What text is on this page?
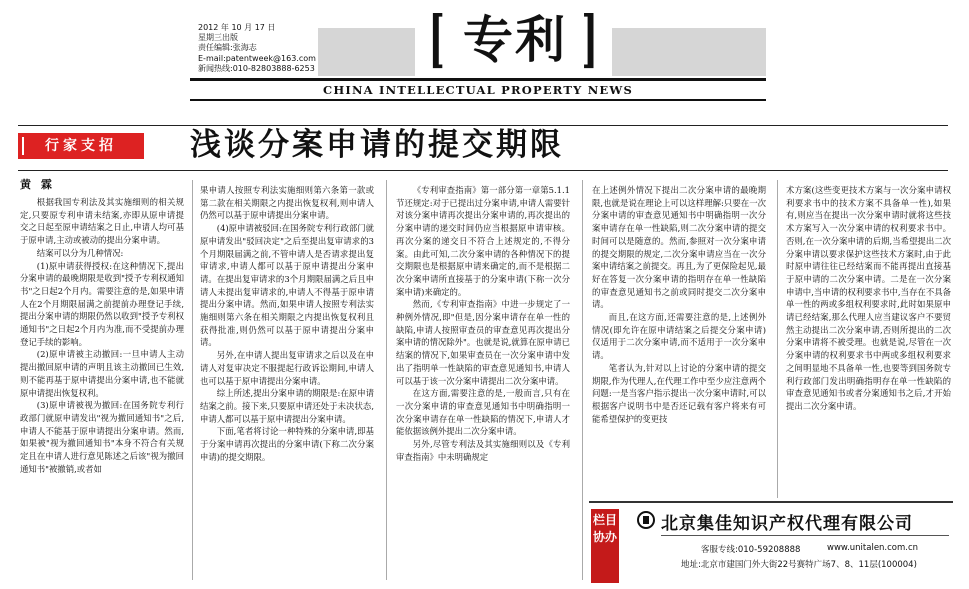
2012 年 10 月 17 日
星期三出版
责任编辑:张海志
E-mail:patentweek@163.com
新闻热线:010-82803888-6253 [ 专利 ]
CHINA INTELLECTUAL PROPERTY NEWS
行家支招	浅谈分案申请的提交期限
黄 霖

根据我国专利法及其实施细则的相关规定,只要原专利申请未结案,亦即从原申请提交之日起至原申请结案之日止,申请人均可基于原申请,主动或被动的提出分案申请。

结案可以分为几种情况:

(1)原申请获得授权:在这种情况下,提出分案申请的最晚期限是收到"授予专利权通知书"之日起2个月内。需要注意的是,如果申请人在2个月期限届满之前提前办理登记手续,提出分案申请的期限仍然以收到"授予专利权通知书"之日起2个月内为准,而不受提前办理登记手续的影响。

(2)原申请被主动撤回:一旦申请人主动提出撤回原申请的声明且该主动撤回已生效,则不能再基于原申请提出分案申请,也不能就原申请提出恢复权利。

(3)原申请被视为撤回:在国务院专利行政部门就原申请发出"视为撤回通知书"之后,申请人不能基于原申请提出分案申请。然而,如果被"视为撤回通知书"本身不符合有关规定且在申请人进行意见陈述之后该"视为撤回通知书"被撤销,或者如

果申请人按照专利法实施细则第六条第一款或第二款在相关期限之内提出恢复权利,则申请人仍然可以基于原申请提出分案申请。

(4)原申请被驳回:在国务院专利行政部门就原申请发出"驳回决定"之后至提出复审请求的3个月期限届满之前,不管申请人是否请求提出复审请求,申请人都可以基于原申请提出分案申请。在提出复审请求的3个月期限届满之后且申请人未提出复审请求的,申请人不得基于原申请提出分案申请。然而,如果申请人按照专利法实施细则第六条在相关期限之内提出恢复权利且获得批准,则仍然可以基于原申请提出分案申请。

另外,在申请人提出复审请求之后以及在申请人对复审决定不服提起行政诉讼期间,申请人也可以基于原申请提出分案申请。

综上所述,提出分案申请的期限是:在原申请结案之前。接下来,只要原申请还处于未决状态,申请人都可以基于原申请提出分案申请。

下面,笔者将讨论一种特殊的分案申请,即基于分案申请再次提出的分案申请(下称二次分案申请)的提交期限。

《专利审查指南》第一部分第一章第5.1.1节还规定:对于已提出过分案申请,申请人需要针对该分案申请再次提出分案申请的,再次提出的分案申请的递交时间仍应当根据原申请审核。再次分案的递交日不符合上述规定的,不得分案。由此可知,二次分案申请的各种情况下的提交期限也是根据原申请来确定的,而不是根据二次分案申请所直接基于的分案申请(下称一次分案申请)来确定的。

然而,《专利审查指南》中进一步规定了一种例外情况,即"但是,因分案申请存在单一性的缺陷,申请人按照审查员的审查意见再次提出分案申请的情况除外"。也就是说,就算在原申请已结案的情况下,如果审查员在一次分案申请中发出了指明单一性缺陷的审查意见通知书,申请人可以基于该一次分案申请提出二次分案申请。

在这方面,需要注意的是,一般而言,只有在一次分案申请的审查意见通知书中明确指明一次分案申请存在单一性缺陷的情况下,申请人才能依据该例外提出二次分案申请。

另外,尽管专利法及其实施细则以及《专利审查指南》中未明确规定

在上述例外情况下提出二次分案申请的最晚期限,也就是说在理论上可以这样理解:只要在一次分案申请的审查意见通知书中明确指明一次分案申请存在单一性缺陷,则二次分案申请的提交时间可以是随意的。然而,参照对一次分案申请的提交期限的规定,二次分案申请应当在一次分案申请结案之前提交。再且,为了更保险起见,最好在答复一次分案申请的指明存在单一性缺陷的审查意见通知书之前或同时提交二次分案申请。

而且,在这方面,还需要注意的是,上述例外情况(即允许在原申请结案之后提交分案申请)仅适用于二次分案申请,而不适用于一次分案申请。

笔者认为,针对以上讨论的分案申请的提交期限,作为代理人,在代理工作中至少应注意两个问题:一是当客户指示提出一次分案申请时,可以根据客户说明书中是否还记载有客户将来有可能希望保护的变更技

术方案(这些变更技术方案与一次分案申请权利要求书中的技术方案不具备单一性),如果有,则应当在提出一次分案申请时就将这些技术方案写入一次分案申请的权利要求书中。否则,在一次分案申请的后期,当希望提出二次分案申请以要求保护这些技术方案时,由于此时原申请往往已经结案而不能再提出直接基于原申请的二次分案申请。二是在一次分案申请中,当申请的权利要求书中,当存在不具备单一性的两或多组权利要求时,此时如果原申请已经结案,那么代理人应当建议客户不要贸然主动提出二次分案申请,否则所提出的二次分案申请将不被受理。也就是说,尽管在一次分案申请的权利要求书中两或多组权利要求之间明显地不具备单一性,也要等到国务院专利行政部门发出明确指明存在单一性缺陷的审查意见通知书或者分案通知书之后,才开始提出二次分案申请。

栏目协办
北京集佳知识产权代理有限公司
客服专线:010-59208888	www.unitalen.com.cn
地址:北京市建国门外大街22号赛特广场7、8、11层(100004)
